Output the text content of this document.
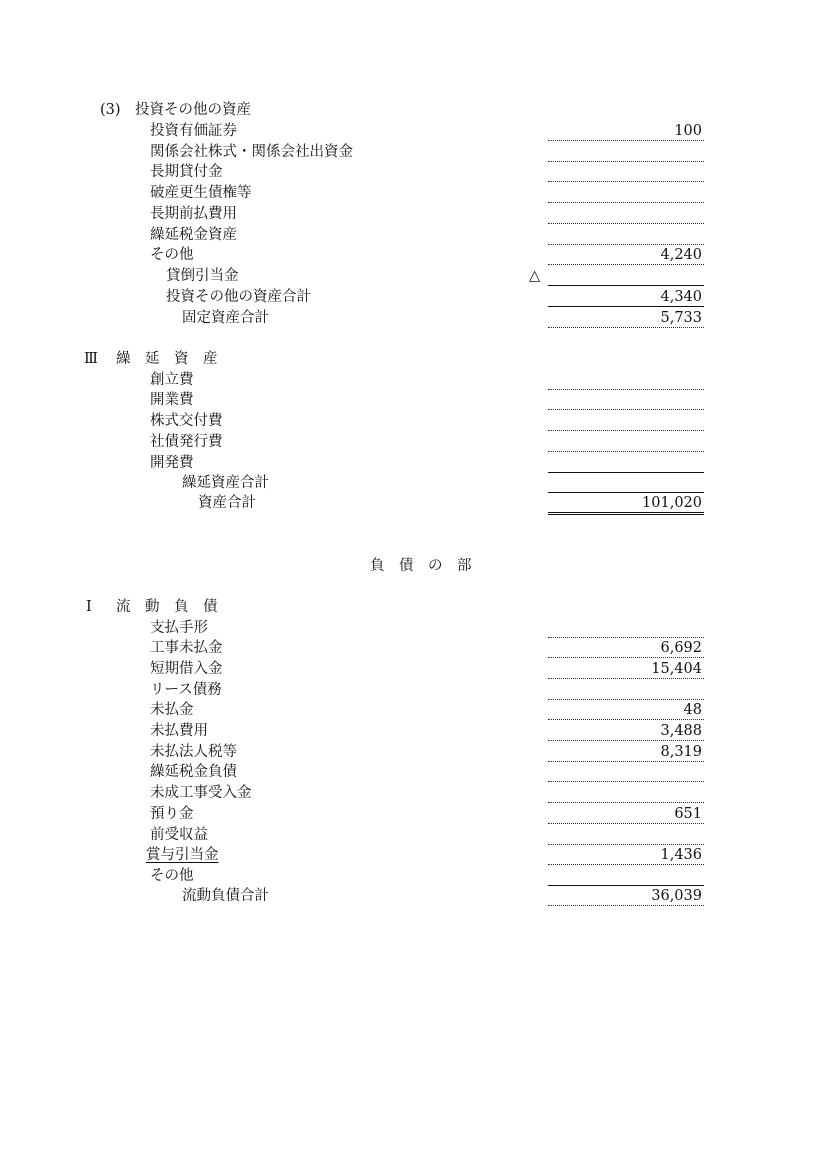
(3)　投資その他の資産
投資有価証券	100
関係会社株式・関係会社出資金
長期貸付金
破産更生債権等
長期前払費用
繰延税金資産
その他	4,240
貸倒引当金	△
投資その他の資産合計	4,340
固定資産合計	5,733
Ⅲ 繰　延　資　産
創立費
開業費
株式交付費
社債発行費
開発費
繰延資産合計
資産合計	101,020
負　債　の　部
Ⅰ 流　動　負　債
支払手形
工事未払金	6,692
短期借入金	15,404
リース債務
未払金	48
未払費用	3,488
未払法人税等	8,319
繰延税金負債
未成工事受入金
預り金	651
前受収益
賞与引当金	1,436
その他
流動負債合計	36,039
